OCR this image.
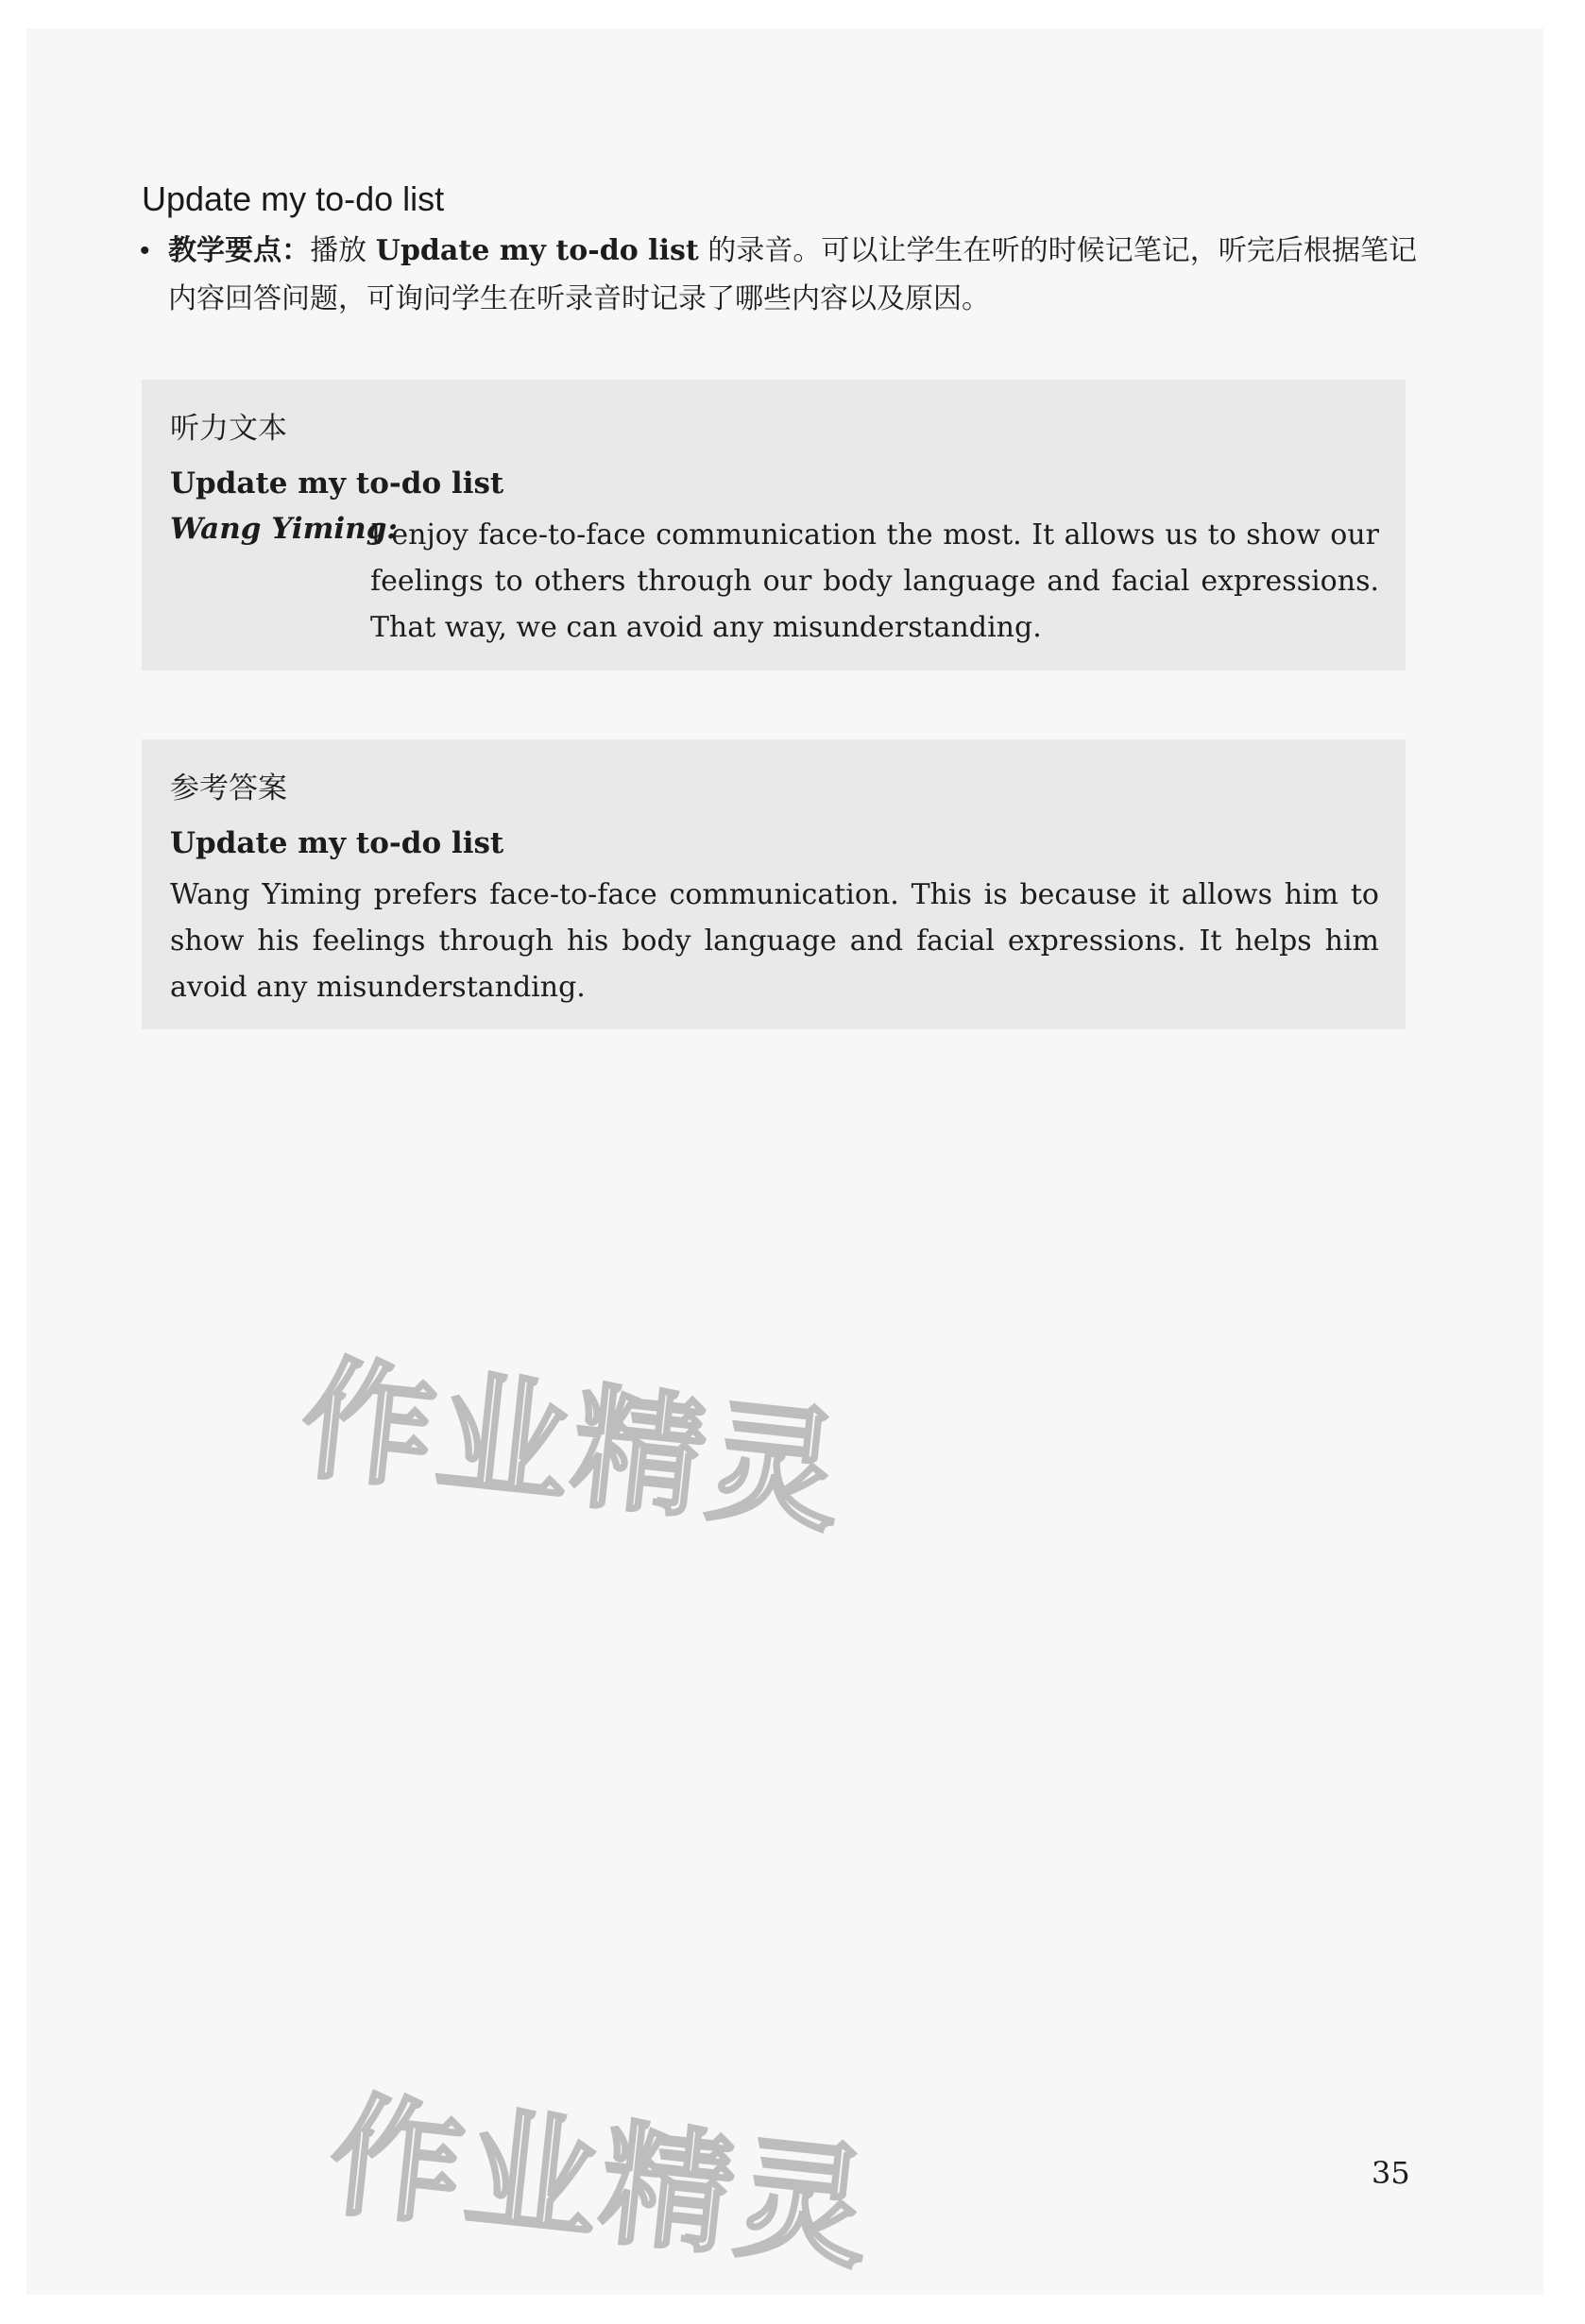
Update my to-do list
• 教学要点：播放 Update my to-do list 的录音。可以让学生在听的时候记笔记，听完后根据笔记内容回答问题，可询问学生在听录音时记录了哪些内容以及原因。
听力文本
Update my to-do list
Wang Yiming:
I enjoy face-to-face communication the most. It allows us to show our feelings to others through our body language and facial expressions. That way, we can avoid any misunderstanding.
参考答案
Update my to-do list
Wang Yiming prefers face-to-face communication. This is because it allows him to show his feelings through his body language and facial expressions. It helps him avoid any misunderstanding.
作业精灵
作业精灵	35
